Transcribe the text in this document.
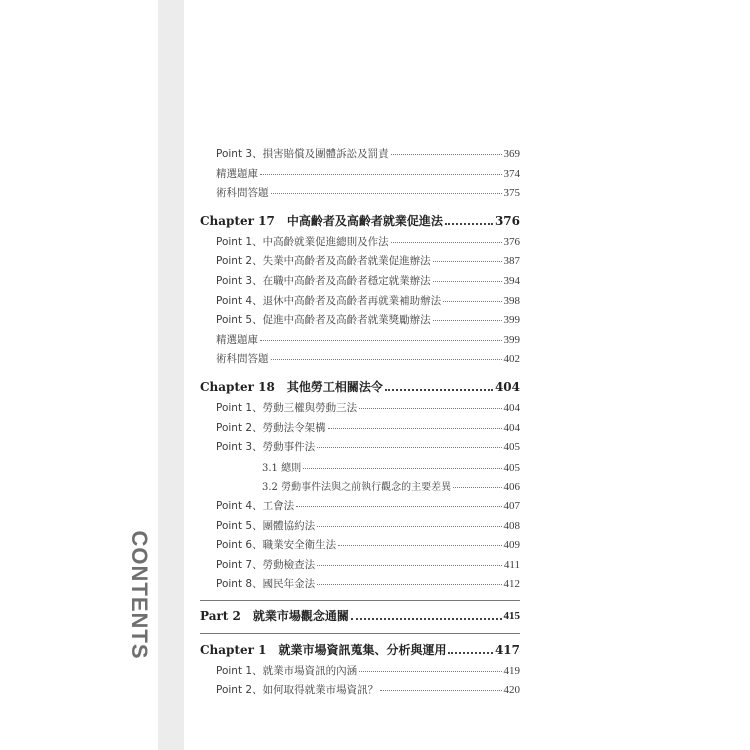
CONTENTS
Point 3、損害賠償及團體訴訟及罰責	369
精選題庫	374
術科問答題	375
Chapter 17　中高齡者及高齡者就業促進法	376
Point 1、中高齡就業促進總則及作法	376
Point 2、失業中高齡者及高齡者就業促進辦法	387
Point 3、在職中高齡者及高齡者穩定就業辦法	394
Point 4、退休中高齡者及高齡者再就業補助辦法	398
Point 5、促進中高齡者及高齡者就業獎勵辦法	399
精選題庫	399
術科問答題	402
Chapter 18　其他勞工相關法令	404
Point 1、勞動三權與勞動三法	404
Point 2、勞動法令架構	404
Point 3、勞動事件法	405
3.1 總則	405
3.2 勞動事件法與之前執行觀念的主要差異	406
Point 4、工會法	407
Point 5、團體協約法	408
Point 6、職業安全衛生法	409
Point 7、勞動檢查法	411
Point 8、國民年金法	412
Part 2　就業市場觀念通關	415
Chapter 1　就業市場資訊蒐集、分析與運用	417
Point 1、就業市場資訊的內涵	419
Point 2、如何取得就業市場資訊？	420
